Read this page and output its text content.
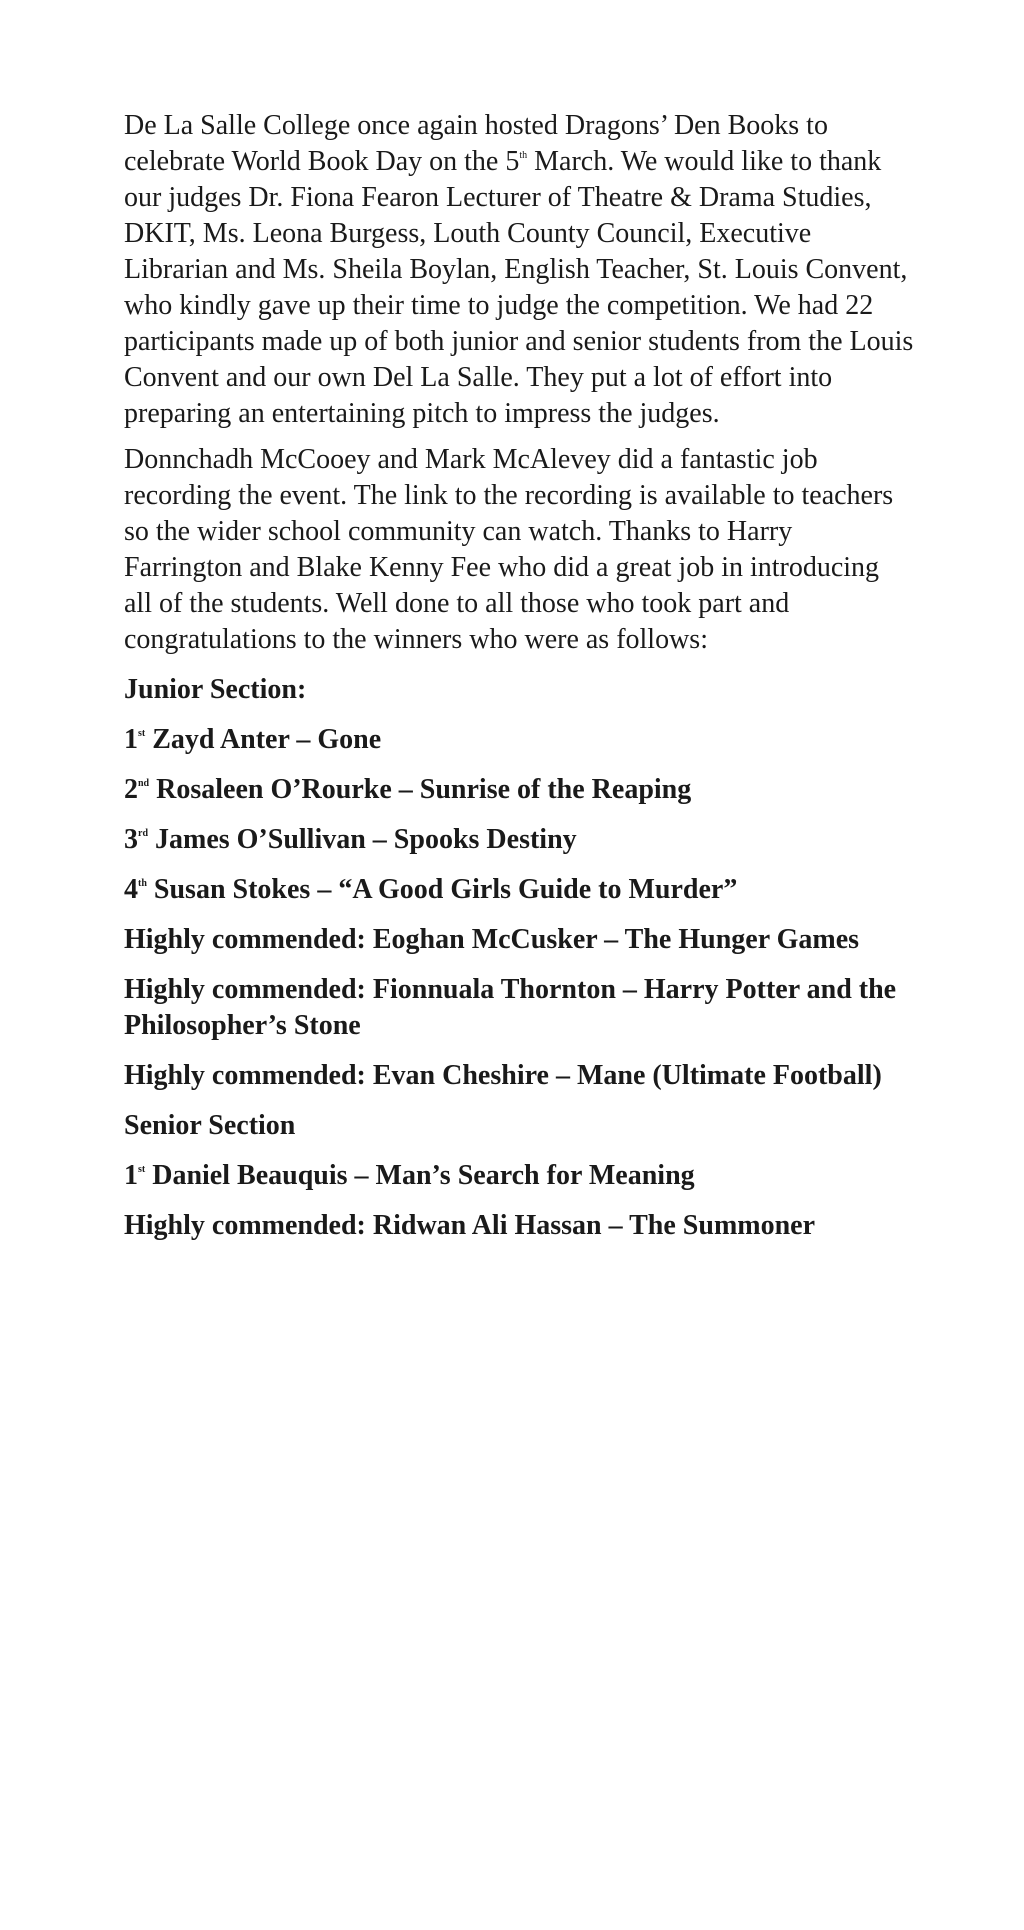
De La Salle College once again hosted Dragons’ Den Books to celebrate World Book Day on the 5th March. We would like to thank our judges Dr. Fiona Fearon Lecturer of Theatre & Drama Studies, DKIT, Ms. Leona Burgess, Louth County Council, Executive Librarian and Ms. Sheila Boylan, English Teacher, St. Louis Convent, who kindly gave up their time to judge the competition. We had 22 participants made up of both junior and senior students from the Louis Convent and our own Del La Salle. They put a lot of effort into preparing an entertaining pitch to impress the judges.

Donnchadh McCooey and Mark McAlevey did a fantastic job recording the event. The link to the recording is available to teachers so the wider school community can watch. Thanks to Harry Farrington and Blake Kenny Fee who did a great job in introducing all of the students. Well done to all those who took part and congratulations to the winners who were as follows:

Junior Section:
1st Zayd Anter – Gone
2nd Rosaleen O’Rourke – Sunrise of the Reaping
3rd James O’Sullivan – Spooks Destiny
4th Susan Stokes – “A Good Girls Guide to Murder”
Highly commended: Eoghan McCusker – The Hunger Games
Highly commended: Fionnuala Thornton – Harry Potter and the Philosopher’s Stone
Highly commended: Evan Cheshire – Mane (Ultimate Football)
Senior Section
1st Daniel Beauquis – Man’s Search for Meaning
Highly commended: Ridwan Ali Hassan – The Summoner
